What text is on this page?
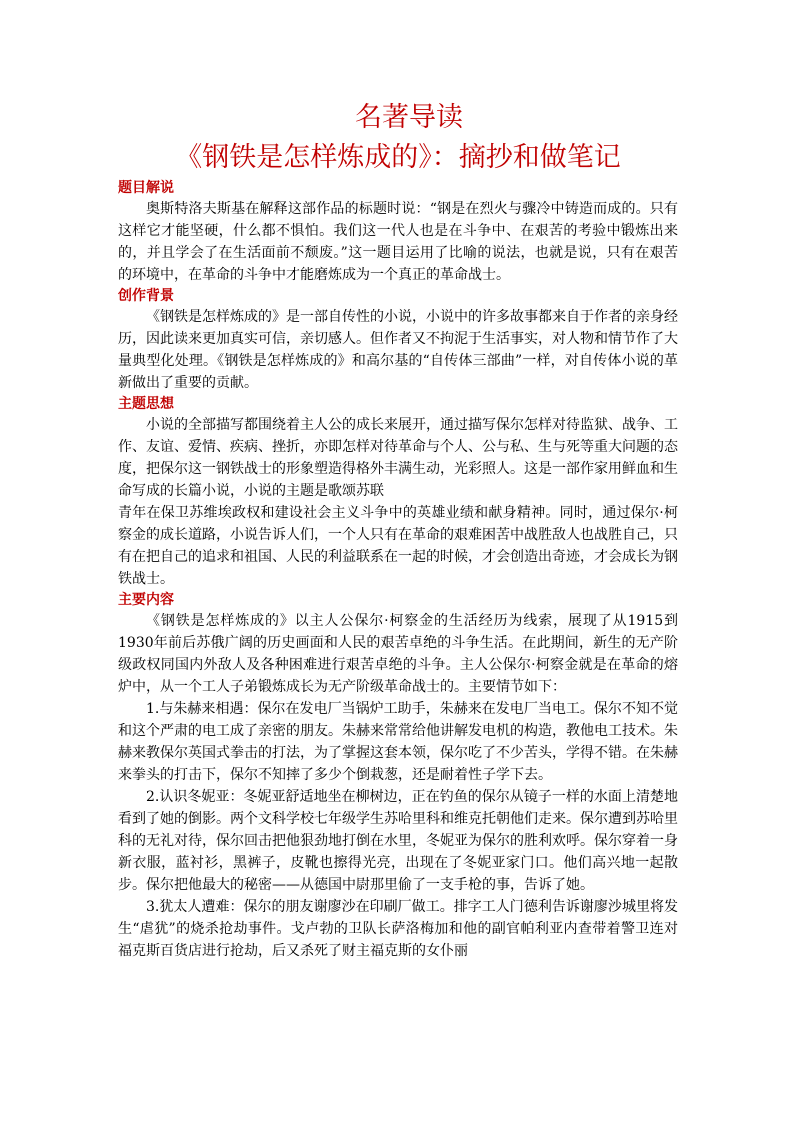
名著导读
《钢铁是怎样炼成的》：摘抄和做笔记
题目解说

奥斯特洛夫斯基在解释这部作品的标题时说：“钢是在烈火与骤冷中铸造而成的。只有这样它才能坚硬，什么都不惧怕。我们这一代人也是在斗争中、在艰苦的考验中锻炼出来的，并且学会了在生活面前不颓废。”这一题目运用了比喻的说法，也就是说，只有在艰苦的环境中，在革命的斗争中才能磨炼成为一个真正的革命战士。

创作背景

《钢铁是怎样炼成的》是一部自传性的小说，小说中的许多故事都来自于作者的亲身经历，因此读来更加真实可信，亲切感人。但作者又不拘泥于生活事实，对人物和情节作了大量典型化处理。《钢铁是怎样炼成的》和高尔基的“自传体三部曲”一样，对自传体小说的革新做出了重要的贡献。

主题思想

小说的全部描写都围绕着主人公的成长来展开，通过描写保尔怎样对待监狱、战争、工作、友谊、爱情、疾病、挫折，亦即怎样对待革命与个人、公与私、生与死等重大问题的态度，把保尔这一钢铁战士的形象塑造得格外丰满生动，光彩照人。这是一部作家用鲜血和生命写成的长篇小说，小说的主题是歌颂苏联

青年在保卫苏维埃政权和建设社会主义斗争中的英雄业绩和献身精神。同时，通过保尔·柯察金的成长道路，小说告诉人们，一个人只有在革命的艰难困苦中战胜敌人也战胜自己，只有在把自己的追求和祖国、人民的利益联系在一起的时候，才会创造出奇迹，才会成长为钢铁战士。

主要内容

《钢铁是怎样炼成的》以主人公保尔·柯察金的生活经历为线索，展现了从1915到1930年前后苏俄广阔的历史画面和人民的艰苦卓绝的斗争生活。在此期间，新生的无产阶级政权同国内外敌人及各种困难进行艰苦卓绝的斗争。主人公保尔·柯察金就是在革命的熔炉中，从一个工人子弟锻炼成长为无产阶级革命战士的。主要情节如下：

1.与朱赫来相遇：保尔在发电厂当锅炉工助手，朱赫来在发电厂当电工。保尔不知不觉和这个严肃的电工成了亲密的朋友。朱赫来常常给他讲解发电机的构造，教他电工技术。朱赫来教保尔英国式拳击的打法，为了掌握这套本领，保尔吃了不少苦头，学得不错。在朱赫来拳头的打击下，保尔不知摔了多少个倒栽葱，还是耐着性子学下去。

2.认识冬妮亚：冬妮亚舒适地坐在柳树边，正在钓鱼的保尔从镜子一样的水面上清楚地看到了她的倒影。两个文科学校七年级学生苏哈里科和维克托朝他们走来。保尔遭到苏哈里科的无礼对待，保尔回击把他狠劲地打倒在水里，冬妮亚为保尔的胜利欢呼。保尔穿着一身新衣服，蓝衬衫，黑裤子，皮靴也擦得光亮，出现在了冬妮亚家门口。他们高兴地一起散步。保尔把他最大的秘密——从德国中尉那里偷了一支手枪的事，告诉了她。

3.犹太人遭难：保尔的朋友谢廖沙在印刷厂做工。排字工人门德利告诉谢廖沙城里将发生“虐犹”的烧杀抢劫事件。戈卢勃的卫队长萨洛梅加和他的副官帕利亚内查带着警卫连对福克斯百货店进行抢劫，后又杀死了财主福克斯的女仆丽
